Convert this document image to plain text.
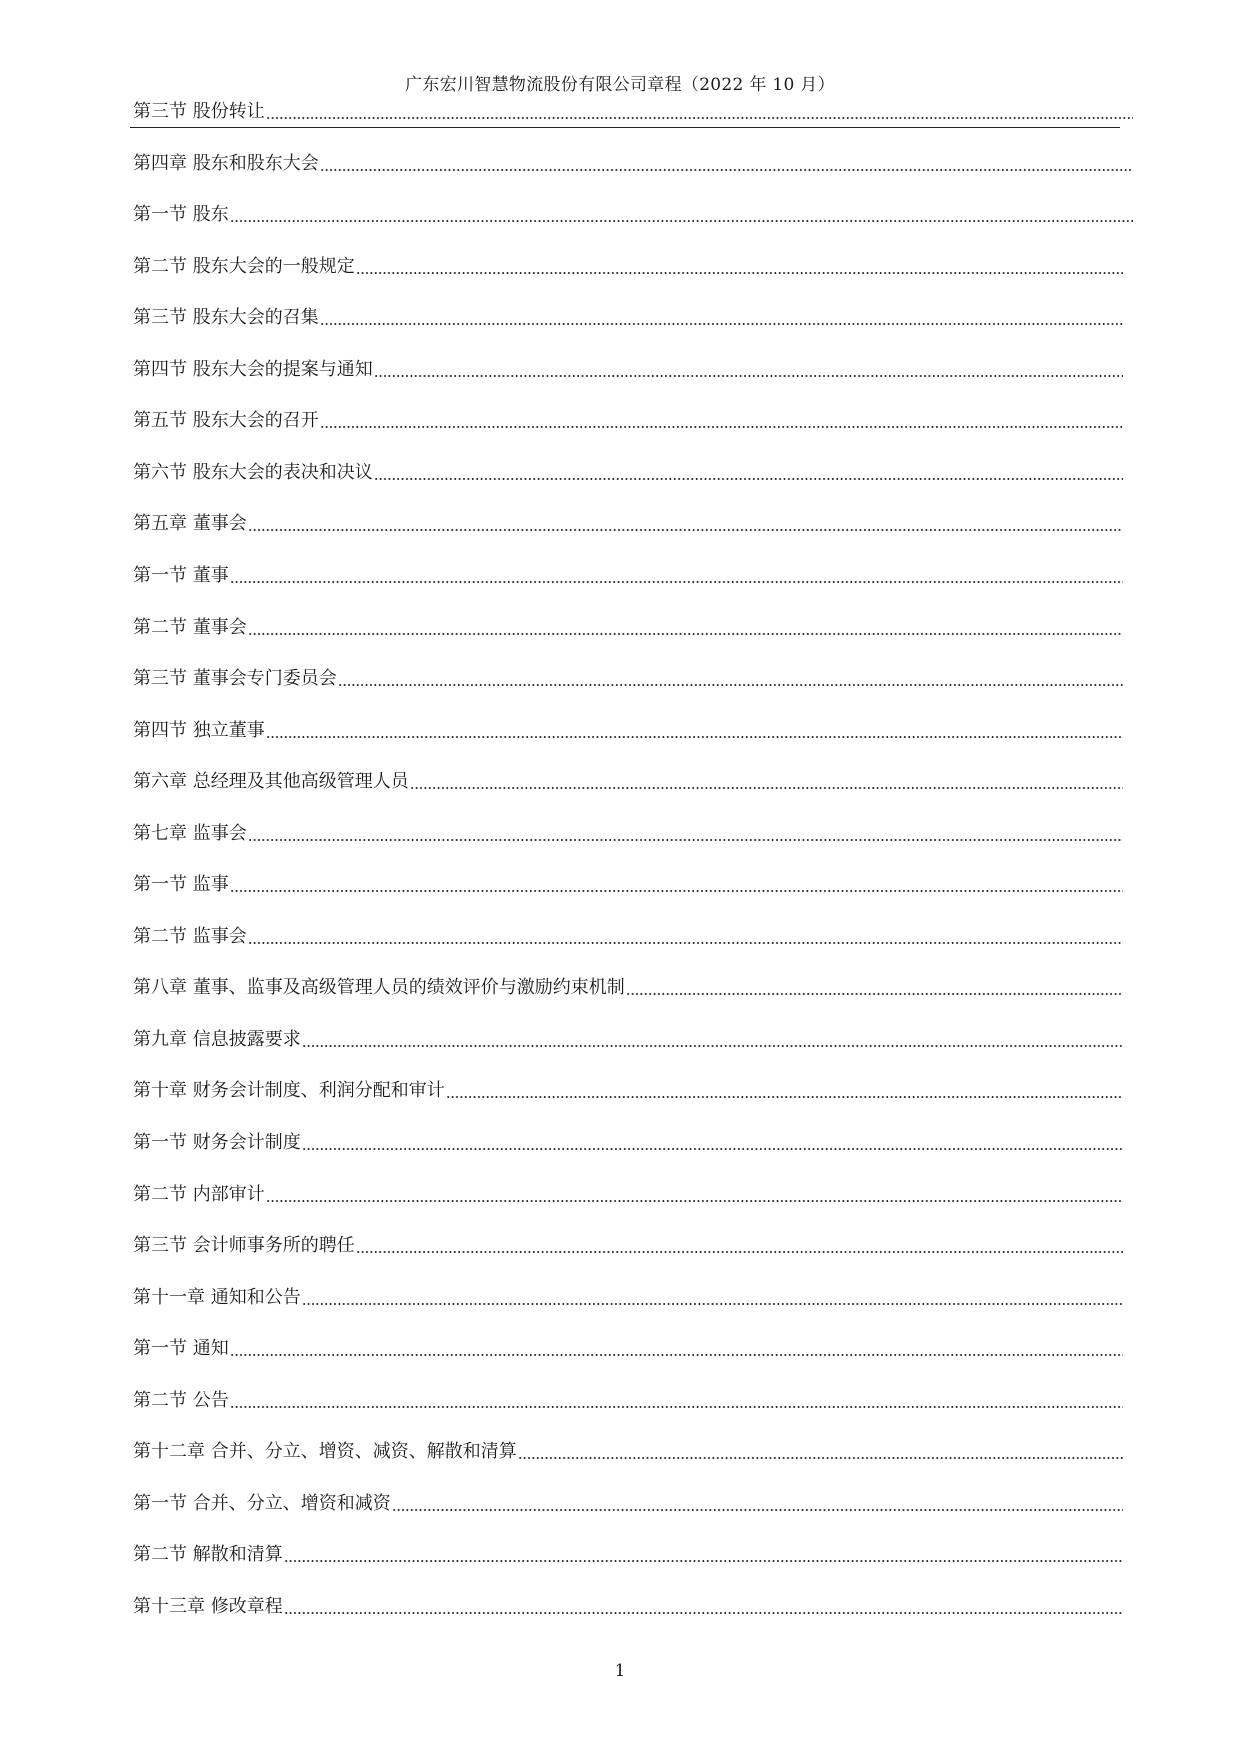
广东宏川智慧物流股份有限公司章程（2022 年 10 月）
第三节 股份转让
第四章 股东和股东大会
第一节 股东
第二节 股东大会的一般规定
第三节 股东大会的召集
第四节 股东大会的提案与通知
第五节 股东大会的召开
第六节 股东大会的表决和决议
第五章 董事会
第一节 董事
第二节 董事会
第三节 董事会专门委员会
第四节 独立董事
第六章 总经理及其他高级管理人员
第七章 监事会
第一节 监事
第二节 监事会
第八章 董事、监事及高级管理人员的绩效评价与激励约束机制
第九章 信息披露要求
第十章 财务会计制度、利润分配和审计
第一节 财务会计制度
第二节 内部审计
第三节 会计师事务所的聘任
第十一章 通知和公告
第一节 通知
第二节 公告
第十二章 合并、分立、增资、减资、解散和清算
第一节 合并、分立、增资和减资
第二节 解散和清算
第十三章 修改章程
1
